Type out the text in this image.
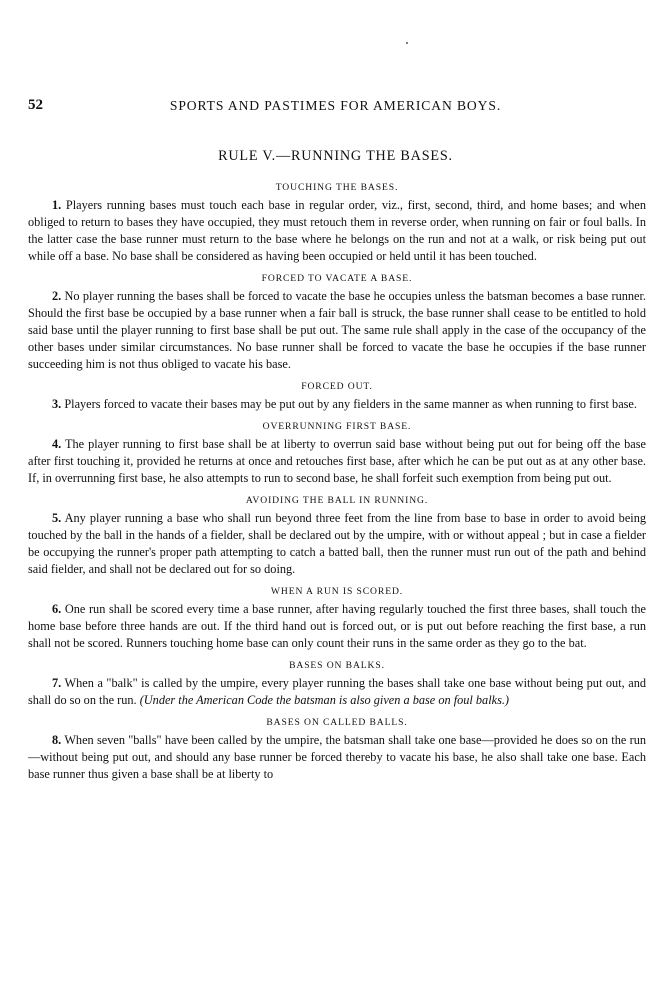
52	SPORTS AND PASTIMES FOR AMERICAN BOYS.
RULE V.—RUNNING THE BASES.
TOUCHING THE BASES.

1. Players running bases must touch each base in regular order, viz., first, second, third, and home bases; and when obliged to return to bases they have occupied, they must retouch them in reverse order, when running on fair or foul balls. In the latter case the base runner must return to the base where he belongs on the run and not at a walk, or risk being put out while off a base. No base shall be considered as having been occupied or held until it has been touched.

FORCED TO VACATE A BASE.

2. No player running the bases shall be forced to vacate the base he occupies unless the batsman becomes a base runner. Should the first base be occupied by a base runner when a fair ball is struck, the base runner shall cease to be entitled to hold said base until the player running to first base shall be put out. The same rule shall apply in the case of the occupancy of the other bases under similar circumstances. No base runner shall be forced to vacate the base he occupies if the base runner succeeding him is not thus obliged to vacate his base.

FORCED OUT.

3. Players forced to vacate their bases may be put out by any fielders in the same manner as when running to first base.

OVERRUNNING FIRST BASE.

4. The player running to first base shall be at liberty to overrun said base without being put out for being off the base after first touching it, provided he returns at once and retouches first base, after which he can be put out as at any other base. If, in overrunning first base, he also attempts to run to second base, he shall forfeit such exemption from being put out.

AVOIDING THE BALL IN RUNNING.

5. Any player running a base who shall run beyond three feet from the line from base to base in order to avoid being touched by the ball in the hands of a fielder, shall be declared out by the umpire, with or without appeal ; but in case a fielder be occupying the runner's proper path attempting to catch a batted ball, then the runner must run out of the path and behind said fielder, and shall not be declared out for so doing.

WHEN A RUN IS SCORED.

6. One run shall be scored every time a base runner, after having regularly touched the first three bases, shall touch the home base before three hands are out. If the third hand out is forced out, or is put out before reaching the first base, a run shall not be scored. Runners touching home base can only count their runs in the same order as they go to the bat.

BASES ON BALKS.

7. When a "balk" is called by the umpire, every player running the bases shall take one base without being put out, and shall do so on the run. (Under the American Code the batsman is also given a base on foul balks.)

BASES ON CALLED BALLS.

8. When seven "balls" have been called by the umpire, the batsman shall take one base—provided he does so on the run—without being put out, and should any base runner be forced thereby to vacate his base, he also shall take one base. Each base runner thus given a base shall be at liberty to
